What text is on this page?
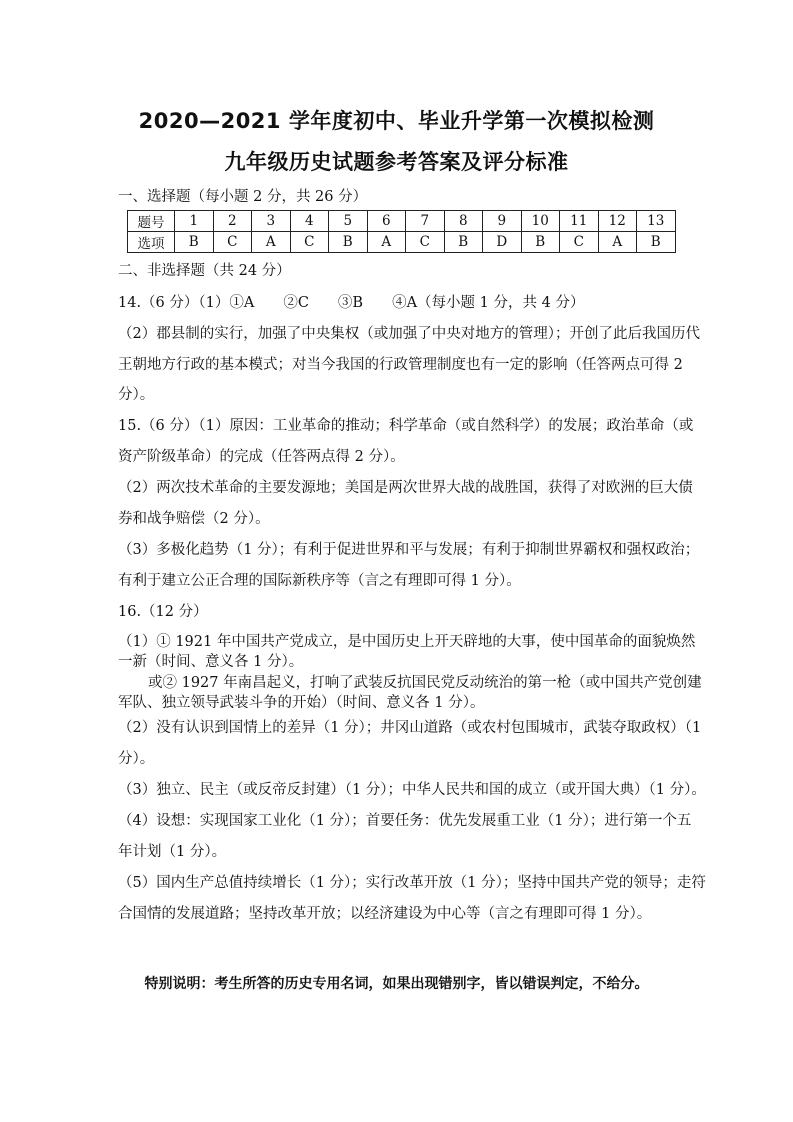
2020—2021 学年度初中、毕业升学第一次模拟检测
九年级历史试题参考答案及评分标准
一、选择题（每小题 2 分，共 26 分）
题号	1	2	3	4	5	6	7	8	9	10	11	12	13
选项	B	C	A	C	B	A	C	B	D	B	C	A	B
二、非选择题（共 24 分）
14.（6 分）（1）①A　　②C　　③B　　④A（每小题 1 分，共 4 分）
（2）郡县制的实行，加强了中央集权（或加强了中央对地方的管理）；开创了此后我国历代
王朝地方行政的基本模式；对当今我国的行政管理制度也有一定的影响（任答两点可得 2
分）。
15.（6 分）（1）原因：工业革命的推动；科学革命（或自然科学）的发展；政治革命（或
资产阶级革命）的完成（任答两点得 2 分）。
（2）两次技术革命的主要发源地；美国是两次世界大战的战胜国，获得了对欧洲的巨大债
券和战争赔偿（2 分）。
（3）多极化趋势（1 分）；有利于促进世界和平与发展；有利于抑制世界霸权和强权政治；
有利于建立公正合理的国际新秩序等（言之有理即可得 1 分）。
16.（12 分）
（1）① 1921 年中国共产党成立，是中国历史上开天辟地的大事，使中国革命的面貌焕然
一新（时间、意义各 1 分）。
或② 1927 年南昌起义，打响了武装反抗国民党反动统治的第一枪（或中国共产党创建
军队、独立领导武装斗争的开始）（时间、意义各 1 分）。
（2）没有认识到国情上的差异（1 分）；井冈山道路（或农村包围城市，武装夺取政权）（1
分）。
（3）独立、民主（或反帝反封建）（1 分）；中华人民共和国的成立（或开国大典）（1 分）。
（4）设想：实现国家工业化（1 分）；首要任务：优先发展重工业（1 分）；进行第一个五
年计划（1 分）。
（5）国内生产总值持续增长（1 分）；实行改革开放（1 分）；坚持中国共产党的领导；走符
合国情的发展道路；坚持改革开放；以经济建设为中心等（言之有理即可得 1 分）。
特别说明：考生所答的历史专用名词，如果出现错别字，皆以错误判定，不给分。
